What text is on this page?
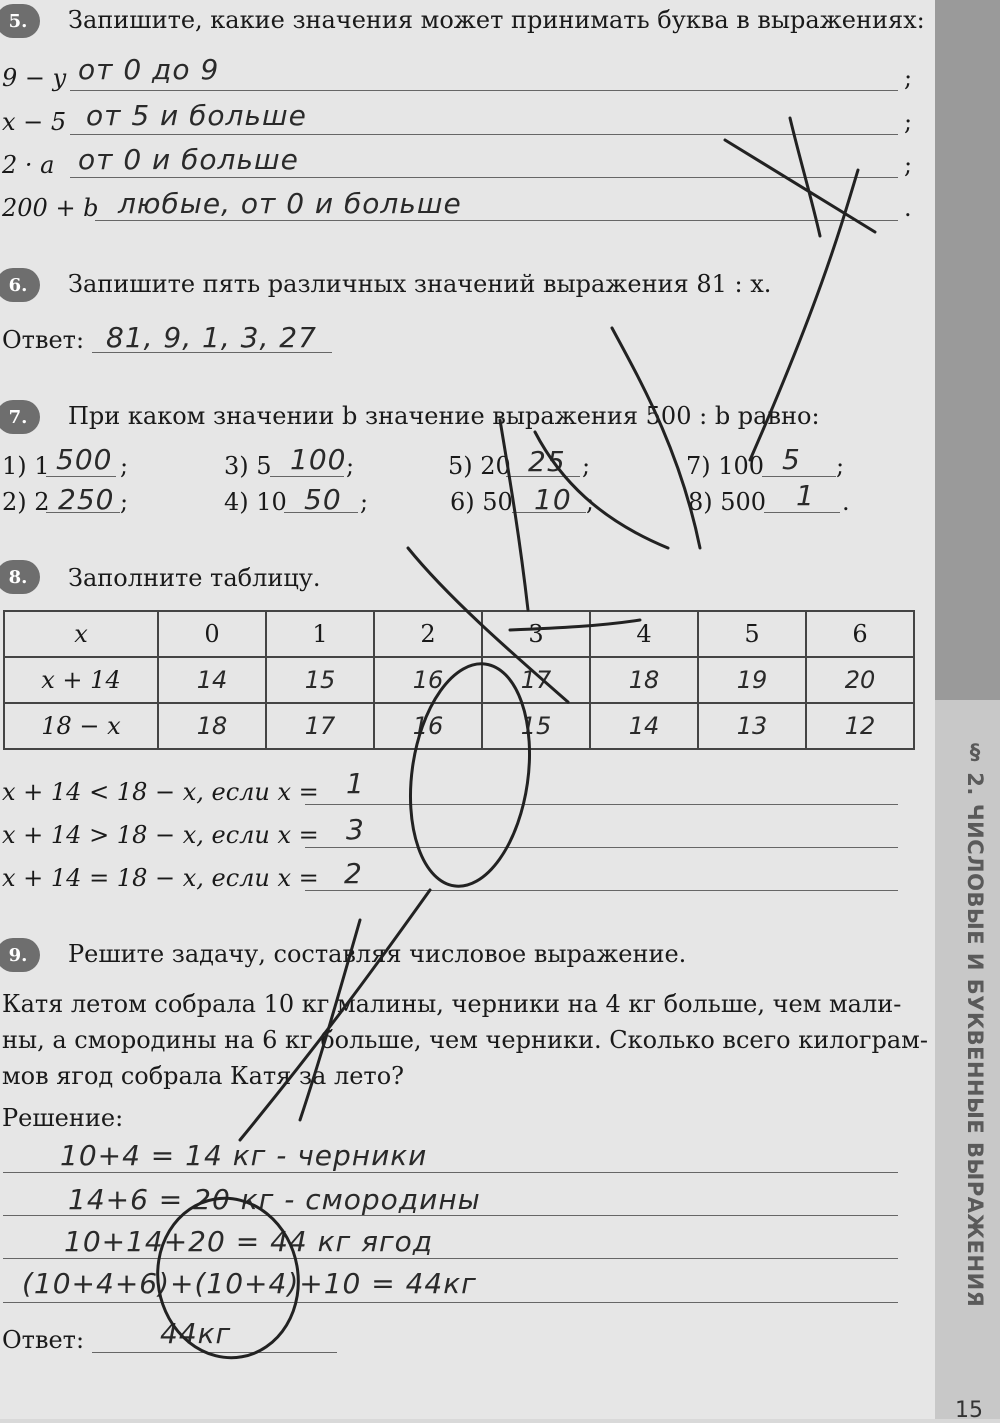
§ 2. ЧИСЛОВЫЕ И БУКВЕННЫЕ ВЫРАЖЕНИЯ
15
5.	Запишите, какие значения может принимать буква в выражениях:
9 − y от 0 до 9	;
x − 5 от 5 и больше	;
2 · a от 0 и больше	;
200 + b любые, от 0 и больше	.
6.	Запишите пять различных значений выражения 81 : x.
Ответ: 81, 9, 1, 3, 27
7.	При каком значении b значение выражения 500 : b равно:
1) 1 500 ;	3) 5 100 ;	5) 20 25 ;	7) 100 5 ;
2) 2 250 ;	4) 10 50 ;	6) 50 10 ;	8) 500 1 .
8.	Заполните таблицу.
x	0	1	2	3	4	5	6
x + 14	14	15	16	17	18	19	20
18 − x	18	17	16	15	14	13	12
x + 14 < 18 − x, если x = 1
x + 14 > 18 − x, если x = 3
x + 14 = 18 − x, если x = 2
9.	Решите задачу, составляя числовое выражение.
Катя летом собрала 10 кг малины, черники на 4 кг больше, чем мали-
ны, а смородины на 6 кг больше, чем черники. Сколько всего килограм-
мов ягод собрала Катя за лето?
Решение:
10+4 = 14 кг - черники
14+6 = 20 кг - смородины
10+14+20 = 44 кг ягод
(10+4+6)+(10+4)+10 = 44кг
Ответ:	44кг
